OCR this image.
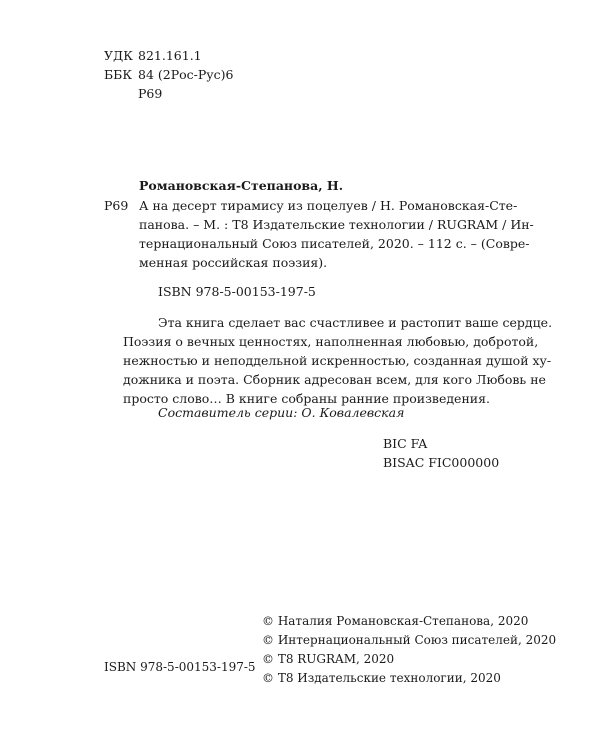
УДК 821.161.1
ББК 84 (2Рос-Рус)6
Р69
Романовская-Степанова, Н.
Р69 А на десерт тирамису из поцелуев / Н. Романовская-Сте-
панова. – М. : Т8 Издательские технологии / RUGRAM / Ин-
тернациональный Союз писателей, 2020. – 112 с. – (Совре-
менная российская поэзия).
ISBN 978-5-00153-197-5
Эта книга сделает вас счастливее и растопит ваше сердце.
Поэзия о вечных ценностях, наполненная любовью, добротой,
нежностью и неподдельной искренностью, созданная душой ху-
дожника и поэта. Сборник адресован всем, для кого Любовь не
просто слово… В книге собраны ранние произведения.
Составитель серии: О. Ковалевская
BIC FA
BISAC FIC000000
© Наталия Романовская-Степанова, 2020
© Интернациональный Союз писателей, 2020
© Т8 RUGRAM, 2020
© Т8 Издательские технологии, 2020
ISBN 978-5-00153-197-5
